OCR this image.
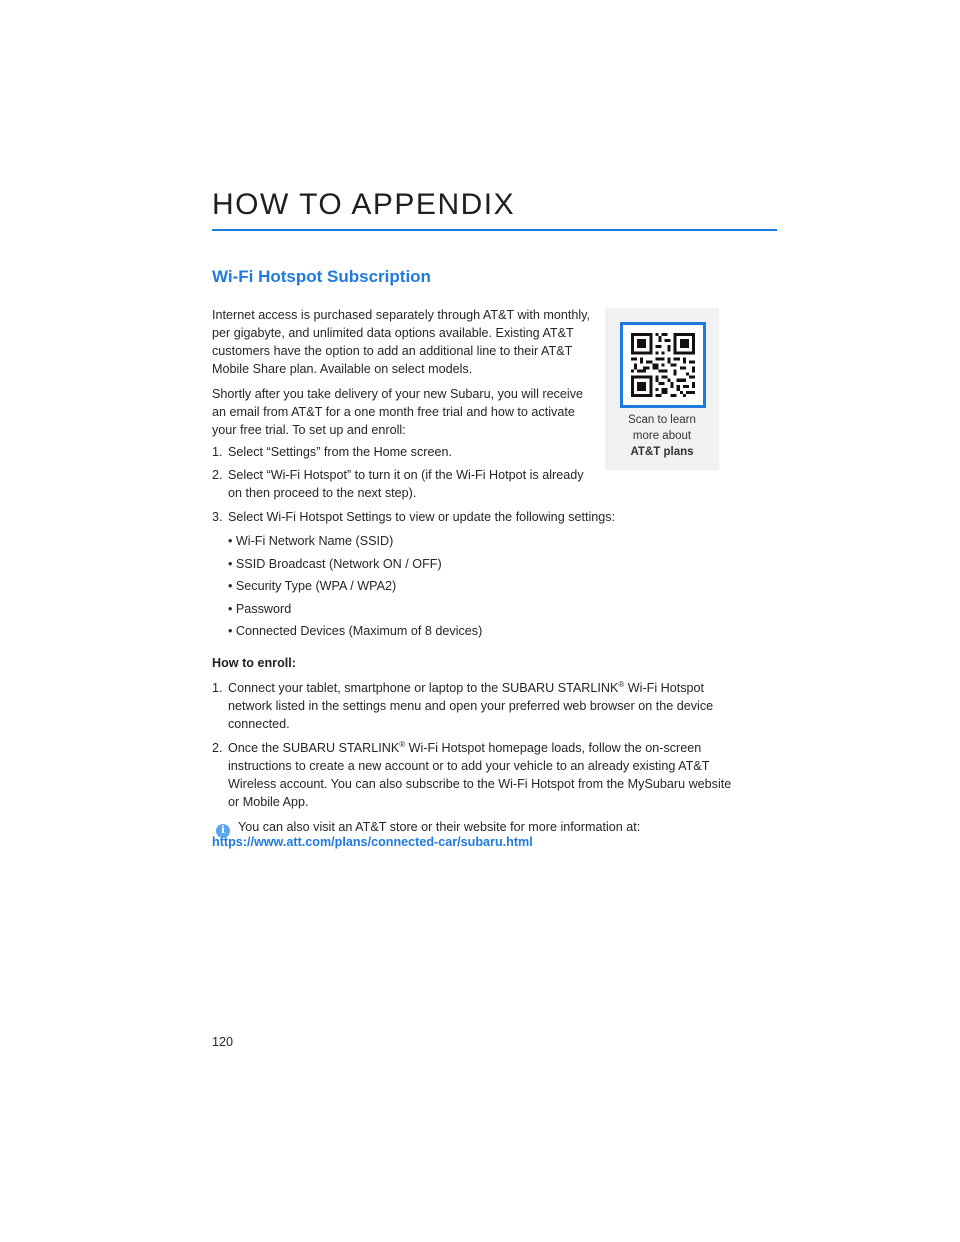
HOW TO APPENDIX
Wi-Fi Hotspot Subscription
Internet access is purchased separately through AT&T with monthly, per gigabyte, and unlimited data options available. Existing AT&T customers have the option to add an additional line to their AT&T Mobile Share plan. Available on select models.
Shortly after you take delivery of your new Subaru, you will receive an email from AT&T for a one month free trial and how to activate your free trial. To set up and enroll:
1. Select “Settings” from the Home screen.
2. Select “Wi-Fi Hotspot” to turn it on (if the Wi-Fi Hotpot is already on then proceed to the next step).
3. Select Wi-Fi Hotspot Settings to view or update the following settings:
• Wi-Fi Network Name (SSID)
• SSID Broadcast (Network ON / OFF)
• Security Type (WPA / WPA2)
• Password
• Connected Devices (Maximum of 8 devices)
How to enroll:
1. Connect your tablet, smartphone or laptop to the SUBARU STARLINK® Wi-Fi Hotspot network listed in the settings menu and open your preferred web browser on the device connected.
2. Once the SUBARU STARLINK® Wi-Fi Hotspot homepage loads, follow the on-screen instructions to create a new account or to add your vehicle to an already existing AT&T Wireless account. You can also subscribe to the Wi-Fi Hotspot from the MySubaru website or Mobile App.
i You can also visit an AT&T store or their website for more information at:
https://www.att.com/plans/connected-car/subaru.html
Scan to learn
more about
AT&T plans
120
